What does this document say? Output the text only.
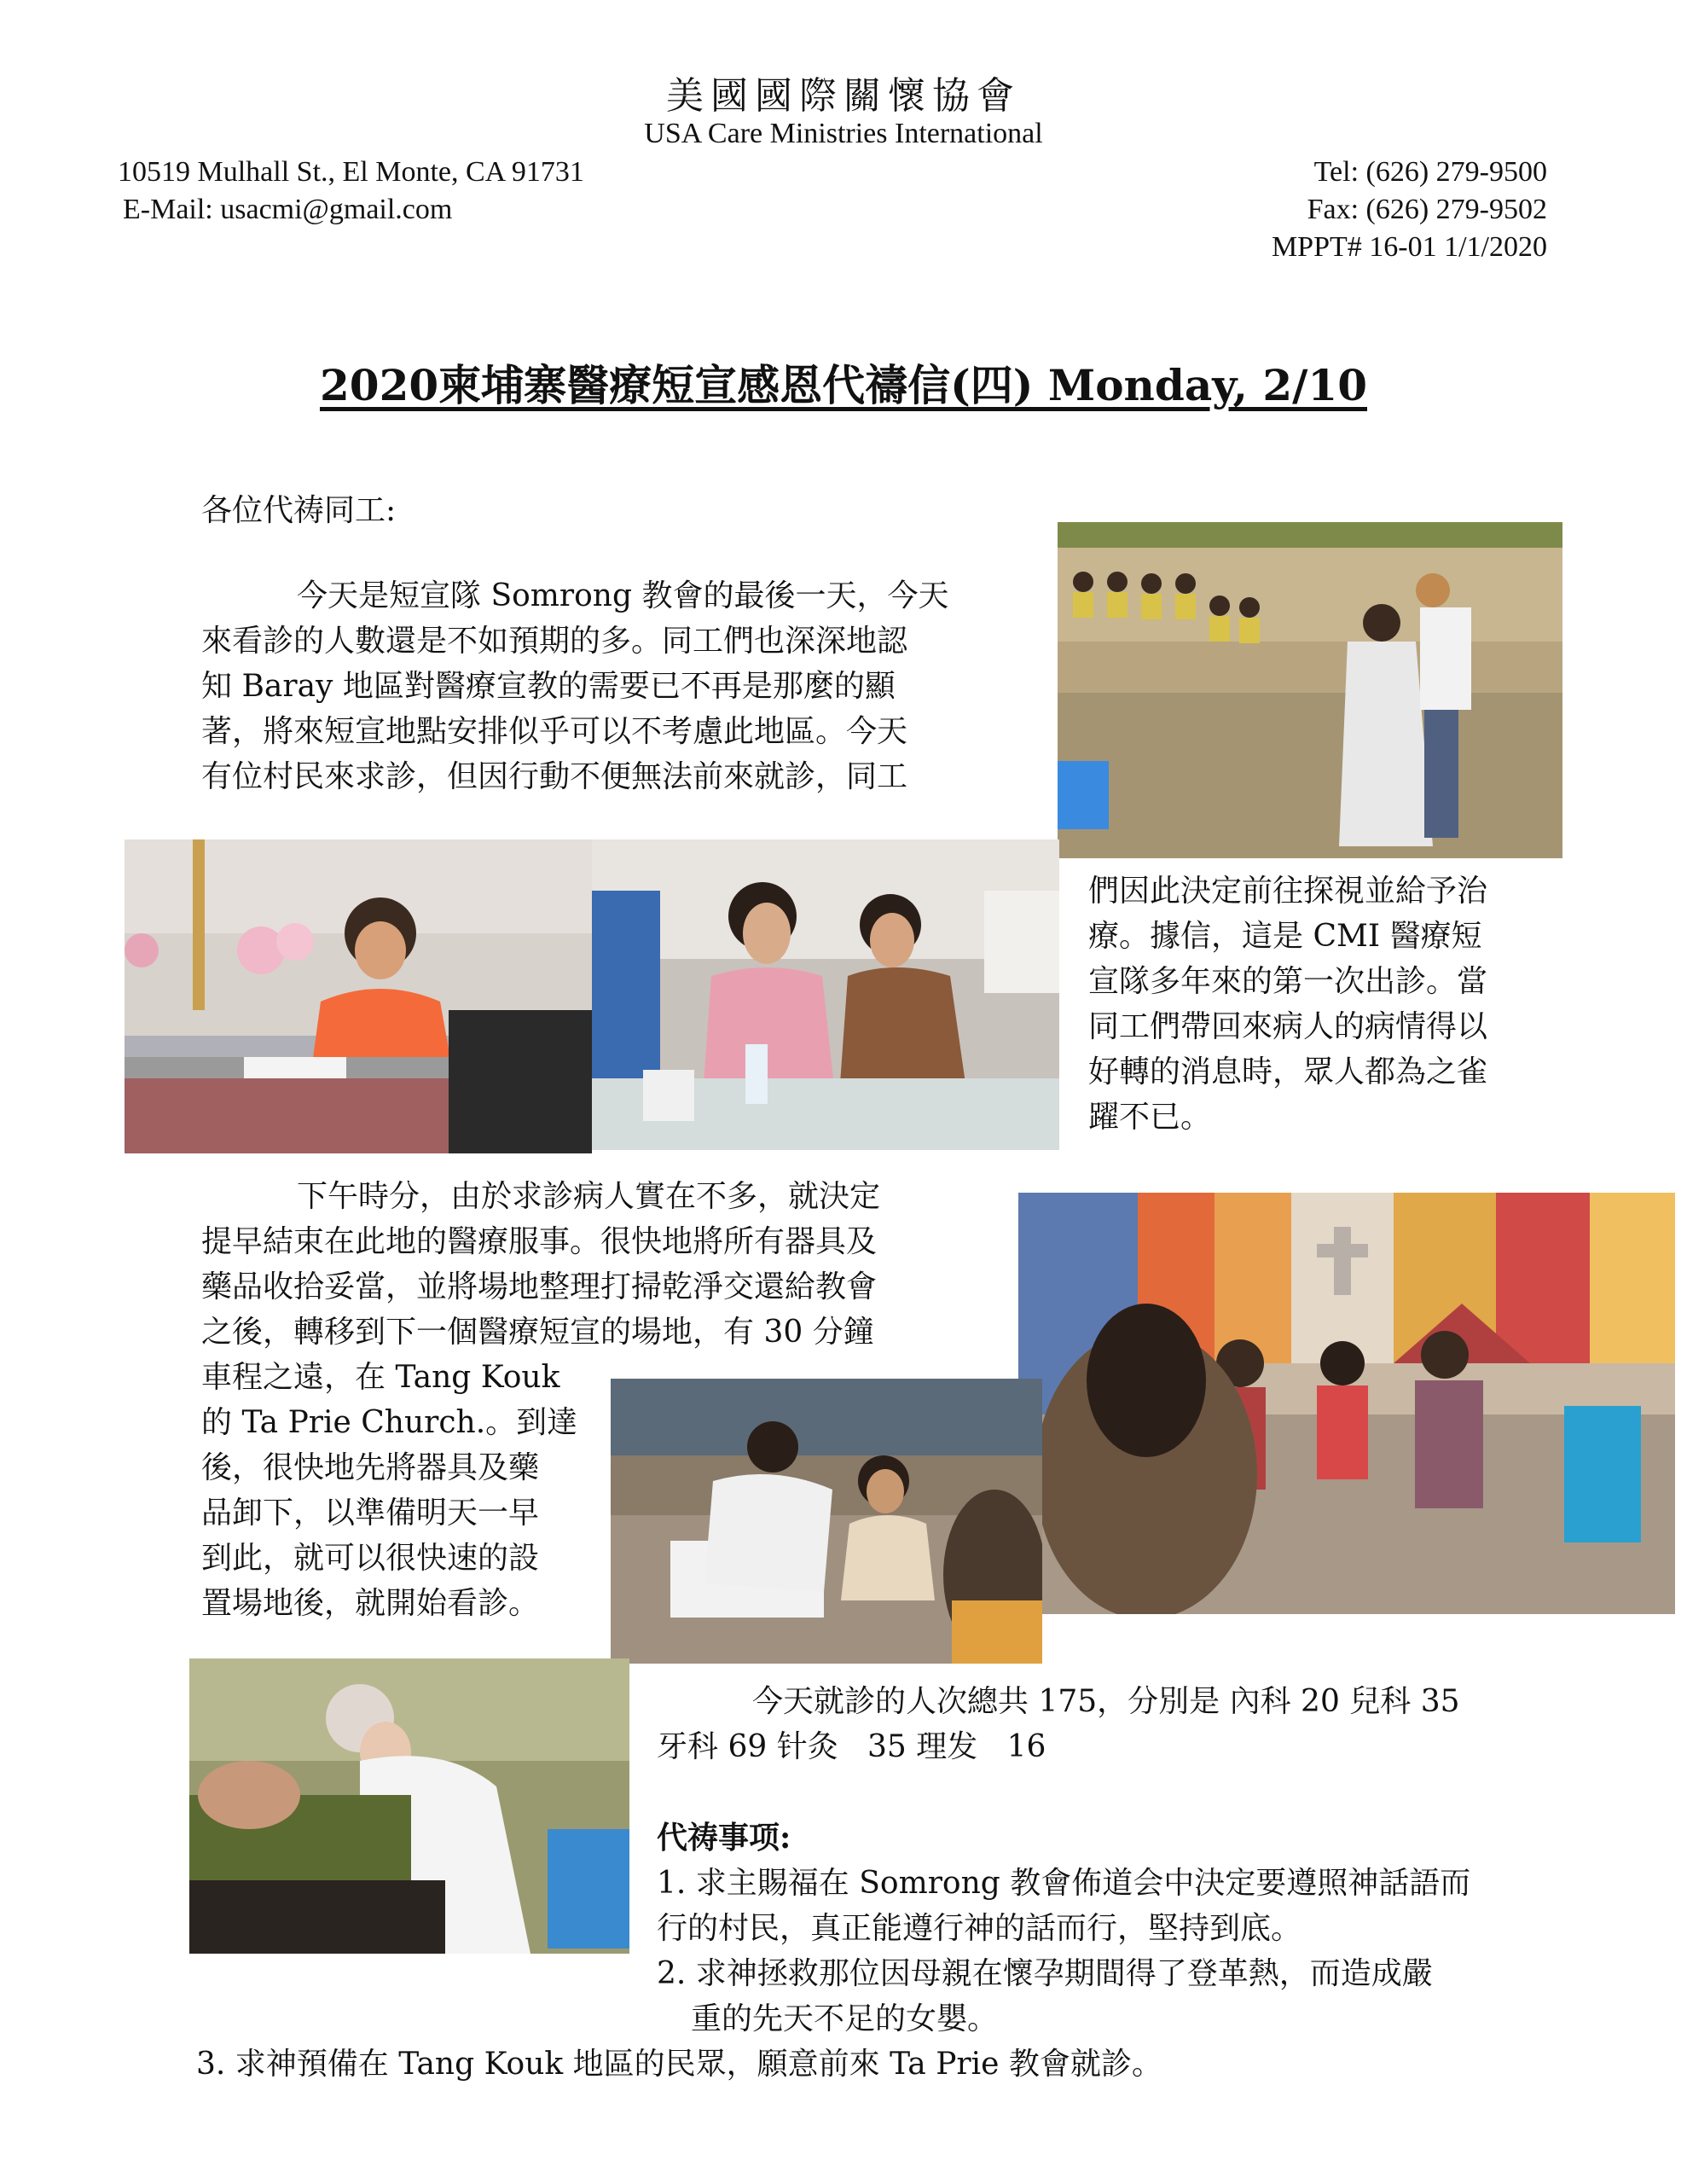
美國國際關懷協會
USA Care Ministries International
10519 Mulhall St., El Monte, CA 91731
E-Mail: usacmi@gmail.com
Tel: (626) 279-9500
Fax: (626) 279-9502
MPPT# 16-01 1/1/2020
2020柬埔寨醫療短宣感恩代禱信(四) Monday, 2/10
各位代祷同工:

今天是短宣隊 Somrong 教會的最後一天，今天

來看診的人數還是不如預期的多。同工們也深深地認

知 Baray 地區對醫療宣教的需要已不再是那麼的顯

著，將來短宣地點安排似乎可以不考慮此地區。今天

有位村民來求診，但因行動不便無法前來就診，同工

們因此決定前往探視並給予治

療。據信，這是 CMI 醫療短

宣隊多年來的第一次出診。當

同工們帶回來病人的病情得以

好轉的消息時，眾人都為之雀

躍不已。

下午時分，由於求診病人實在不多，就決定

提早結束在此地的醫療服事。很快地將所有器具及

藥品收拾妥當，並將場地整理打掃乾淨交還給教會

之後，轉移到下一個醫療短宣的場地，有 30 分鐘

車程之遠，在 Tang Kouk

的 Ta Prie Church.。到達

後，很快地先將器具及藥

品卸下，以準備明天一早

到此，就可以很快速的設

置場地後，就開始看診。

今天就診的人次總共 175，分別是 內科 20 兒科 35

牙科 69 针灸   35 理发   16

代祷事项:

1. 求主賜福在 Somrong 教會佈道会中決定要遵照神話語而

行的村民，真正能遵行神的話而行，堅持到底。

2. 求神拯救那位因母親在懷孕期間得了登革熱，而造成嚴

重的先天不足的女嬰。

3. 求神預備在 Tang Kouk 地區的民眾，願意前來 Ta Prie 教會就診。
